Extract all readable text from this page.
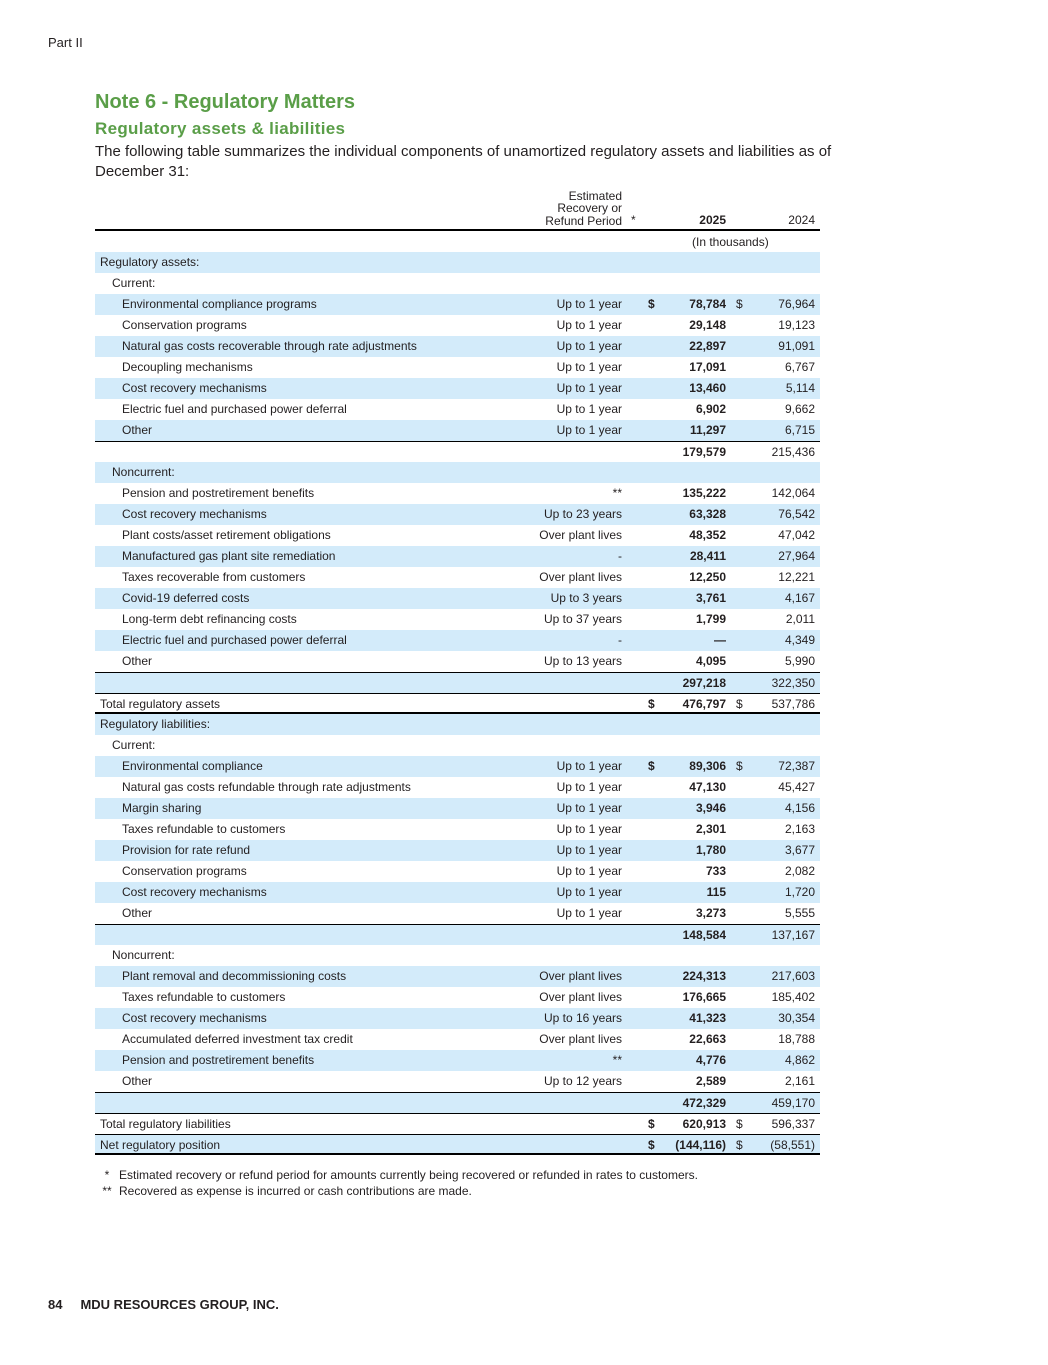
Part II
Note 6 - Regulatory Matters
Regulatory assets & liabilities
The following table summarizes the individual components of unamortized regulatory assets and liabilities as of December 31:
Estimated Recovery or Refund Period *	2025	2024
(In thousands)
Regulatory assets:
Current:
Environmental compliance programs	Up to 1 year $	78,784 $	76,964
Conservation programs	Up to 1 year	29,148	19,123
Natural gas costs recoverable through rate adjustments	Up to 1 year	22,897	91,091
Decoupling mechanisms	Up to 1 year	17,091	6,767
Cost recovery mechanisms	Up to 1 year	13,460	5,114
Electric fuel and purchased power deferral	Up to 1 year	6,902	9,662
Other	Up to 1 year	11,297	6,715
179,579	215,436
Noncurrent:
Pension and postretirement benefits	**	135,222	142,064
Cost recovery mechanisms	Up to 23 years	63,328	76,542
Plant costs/asset retirement obligations	Over plant lives	48,352	47,042
Manufactured gas plant site remediation	-	28,411	27,964
Taxes recoverable from customers	Over plant lives	12,250	12,221
Covid-19 deferred costs	Up to 3 years	3,761	4,167
Long-term debt refinancing costs	Up to 37 years	1,799	2,011
Electric fuel and purchased power deferral	-	—	4,349
Other	Up to 13 years	4,095	5,990
297,218	322,350
Total regulatory assets	$ 476,797 $ 537,786
Regulatory liabilities:
Current:
Environmental compliance	Up to 1 year $	89,306 $	72,387
Natural gas costs refundable through rate adjustments	Up to 1 year	47,130	45,427
Margin sharing	Up to 1 year	3,946	4,156
Taxes refundable to customers	Up to 1 year	2,301	2,163
Provision for rate refund	Up to 1 year	1,780	3,677
Conservation programs	Up to 1 year	733	2,082
Cost recovery mechanisms	Up to 1 year	115	1,720
Other	Up to 1 year	3,273	5,555
148,584	137,167
Noncurrent:
Plant removal and decommissioning costs	Over plant lives	224,313	217,603
Taxes refundable to customers	Over plant lives	176,665	185,402
Cost recovery mechanisms	Up to 16 years	41,323	30,354
Accumulated deferred investment tax credit	Over plant lives	22,663	18,788
Pension and postretirement benefits	**	4,776	4,862
Other	Up to 12 years	2,589	2,161
472,329	459,170
Total regulatory liabilities	$ 620,913 $ 596,337
Net regulatory position	$ (144,116) $ (58,551)
* Estimated recovery or refund period for amounts currently being recovered or refunded in rates to customers.
** Recovered as expense is incurred or cash contributions are made.
84 MDU RESOURCES GROUP, INC.
